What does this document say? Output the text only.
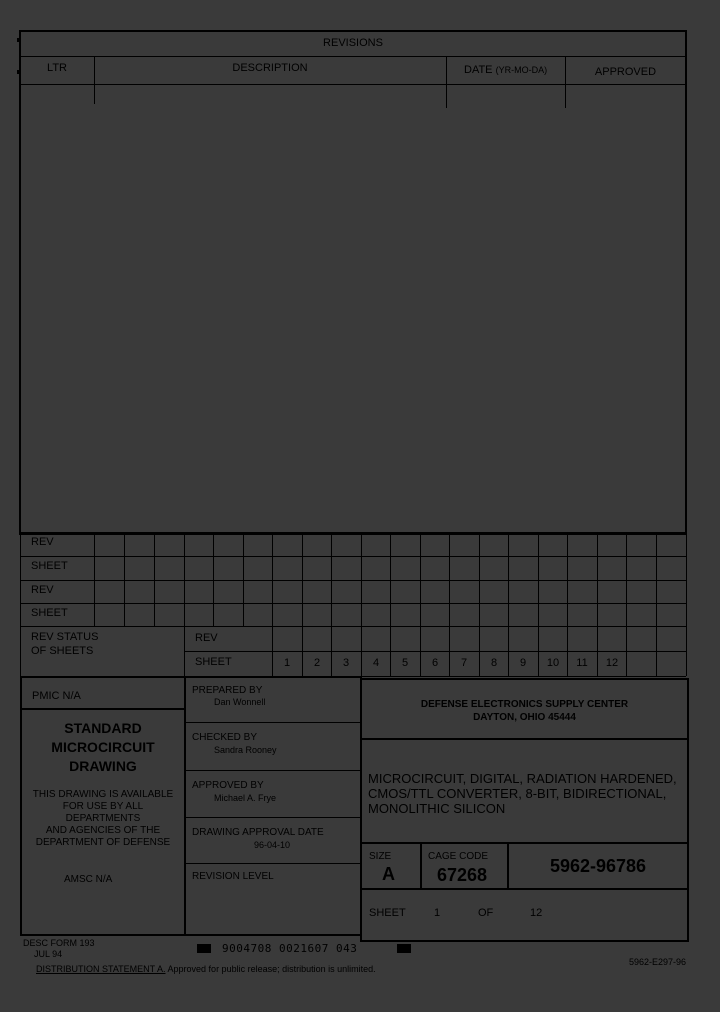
REVISIONS
LTR	DESCRIPTION	DATE (YR-MO-DA)	APPROVED
REV
SHEET
REV
SHEET
REV STATUS
OF SHEETS
REV
SHEET	1	2	3	4	5	6	7	8	9	10	11	12
PMIC N/A
STANDARD
MICROCIRCUIT
DRAWING
THIS DRAWING IS AVAILABLE
FOR USE BY ALL
DEPARTMENTS
AND AGENCIES OF THE
DEPARTMENT OF DEFENSE
AMSC N/A
PREPARED BY
Dan Wonnell
CHECKED BY
Sandra Rooney
APPROVED BY
Michael A. Frye
DRAWING APPROVAL DATE
96-04-10
REVISION LEVEL
DEFENSE ELECTRONICS SUPPLY CENTER
DAYTON, OHIO 45444
MICROCIRCUIT, DIGITAL, RADIATION HARDENED,
CMOS/TTL CONVERTER, 8-BIT, BIDIRECTIONAL,
MONOLITHIC SILICON
SIZE
A
CAGE CODE
67268	5962-96786
SHEET	1	OF	12
DESC FORM 193
JUL 94	9004708 0021607 043
DISTRIBUTION STATEMENT A. Approved for public release; distribution is unlimited.
5962-E297-96
